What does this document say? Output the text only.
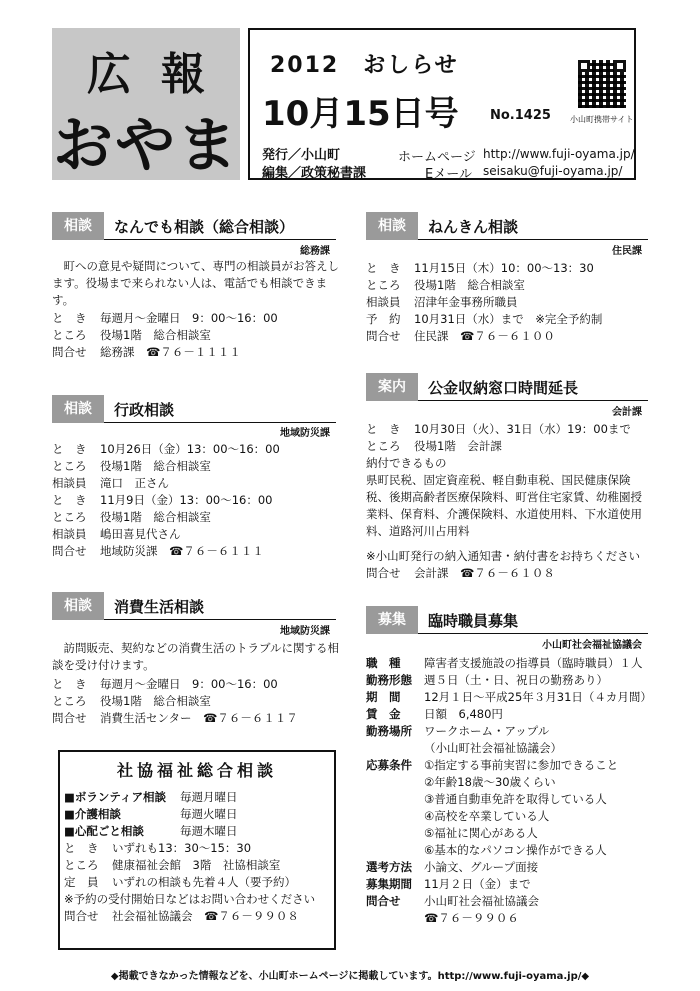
広報
おやま
2012　おしらせ
10月15日号 No.1425 小山町携帯サイト
発行／小山町	ホームページ http://www.fuji-oyama.jp/
編集／政策秘書課	Eメール seisaku@fuji-oyama.jp/
相談	なんでも相談（総合相談）
総務課
　町への意見や疑問について、専門の相談員がお答えします。役場まで来られない人は、電話でも相談できます。
と　き 毎週月～金曜日　9：00～16：00
ところ 役場1階　総合相談室
問合せ 総務課　☎７６－１１１１
相談	行政相談
地域防災課
と　き 10月26日（金）13：00～16：00
ところ 役場1階　総合相談室
相談員 滝口　正さん
と　き 11月9日（金）13：00～16：00
ところ 役場1階　総合相談室
相談員 嶋田喜見代さん
問合せ 地域防災課　☎７６－６１１１
相談	消費生活相談
地域防災課
　訪問販売、契約などの消費生活のトラブルに関する相談を受け付けます。
と　き 毎週月～金曜日　9：00～16：00
ところ 役場1階　総合相談室
問合せ 消費生活センター　☎７６－６１１７
社協福祉総合相談
■ボランティア相談 毎週月曜日
■介護相談	毎週火曜日
■心配ごと相談	毎週木曜日
と　き いずれも13：30～15：30
ところ 健康福祉会館　3階　社協相談室
定　員 いずれの相談も先着４人（要予約）
※予約の受付開始日などはお問い合わせください
問合せ 社会福祉協議会　☎７６－９９０８
相談	ねんきん相談
住民課
と　き 11月15日（木）10：00～13：30
ところ 役場1階　総合相談室
相談員 沼津年金事務所職員
予　約 10月31日（水）まで　※完全予約制
問合せ 住民課　☎７６－６１００
案内	公金収納窓口時間延長
会計課
と　き 10月30日（火）、31日（水）19：00まで
ところ 役場1階　会計課
納付できるもの
県町民税、固定資産税、軽自動車税、国民健康保険税、後期高齢者医療保険料、町営住宅家賃、幼稚園授業料、保育料、介護保険料、水道使用料、下水道使用料、道路河川占用料
※小山町発行の納入通知書・納付書をお持ちください
問合せ 会計課　☎７６－６１０８
募集	臨時職員募集
小山町社会福祉協議会
職　種 障害者支援施設の指導員（臨時職員）１人
勤務形態 週５日（土・日、祝日の勤務あり）
期　間 12月１日～平成25年３月31日（４カ月間）
賃　金 日額　6,480円
勤務場所 ワークホーム・アップル
（小山町社会福祉協議会）
応募条件 ①指定する事前実習に参加できること
②年齢18歳～30歳くらい
③普通自動車免許を取得している人
④高校を卒業している人
⑤福祉に関心がある人
⑥基本的なパソコン操作ができる人
選考方法 小論文、グループ面接
募集期間 11月２日（金）まで
問合せ 小山町社会福祉協議会
☎７６－９９０６
◆掲載できなかった情報などを、小山町ホームページに掲載しています。http://www.fuji-oyama.jp/◆
